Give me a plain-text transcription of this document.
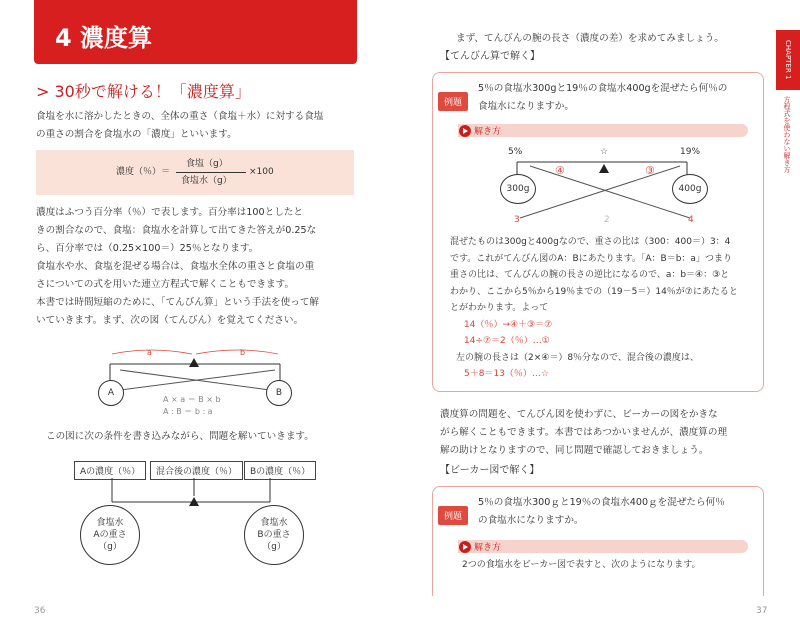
4 濃度算
> 30秒で解ける！「濃度算」
食塩を水に溶かしたときの、全体の重さ（食塩＋水）に対する食塩
の重さの割合を食塩水の「濃度」といいます。
濃度（％）＝
食塩（g）
食塩水（g）
×100
濃度はふつう百分率（％）で表します。百分率は100としたと
きの割合なので、食塩：食塩水を計算して出てきた答えが0.25な
ら、百分率では（0.25×100＝）25％となります。
食塩水や水、食塩を混ぜる場合は、食塩水全体の重さと食塩の重
さについての式を用いた連立方程式で解くこともできます。
本書では時間短縮のために、「てんびん算」という手法を使って解
いていきます。まず、次の図（てんびん）を覚えてください。
a	b
A	B
A × a ＝ B × b
A : B ＝ b : a
この図に次の条件を書き込みながら、問題を解いていきます。
Aの濃度（％）	混合後の濃度（％）	Bの濃度（％）
食塩水
Aの重さ
（g）
食塩水
Bの重さ
（g）
36
まず、てんびんの腕の長さ（濃度の差）を求めてみましょう。
【てんびん算で解く】
例題
5％の食塩水300gと19％の食塩水400gを混ぜたら何％の
食塩水になりますか。
解き方
5%	☆	19%
④	③
300g	400g
3	2	4
混ぜたものは300gと400gなので、重さの比は（300：400＝）3：4
です。これがてんびん図のA：Bにあたります。「A：B＝b：a」つまり
重さの比は、てんびんの腕の長さの逆比になるので、a：b＝④：③と
わかり、ここから5％から19％までの（19－5＝）14％が⑦にあたると
とがわかります。よって
14（％）→④＋③＝⑦
14÷⑦＝2（％）…①
左の腕の長さは（2×④＝）8％分なので、混合後の濃度は、
5＋8＝13（％）…☆
濃度算の問題を、てんびん図を使わずに、ビーカーの図をかきな
がら解くこともできます。本書ではあつかいませんが、濃度算の理
解の助けとなりますので、同じ問題で確認しておきましょう。
【ビーカー図で解く】
例題
5％の食塩水300ｇと19％の食塩水400ｇを混ぜたら何％
の食塩水になりますか。
解き方
2つの食塩水をビーカー図で表すと、次のようになります。
CHAPTER 1
方程式を使わない解き方
37
